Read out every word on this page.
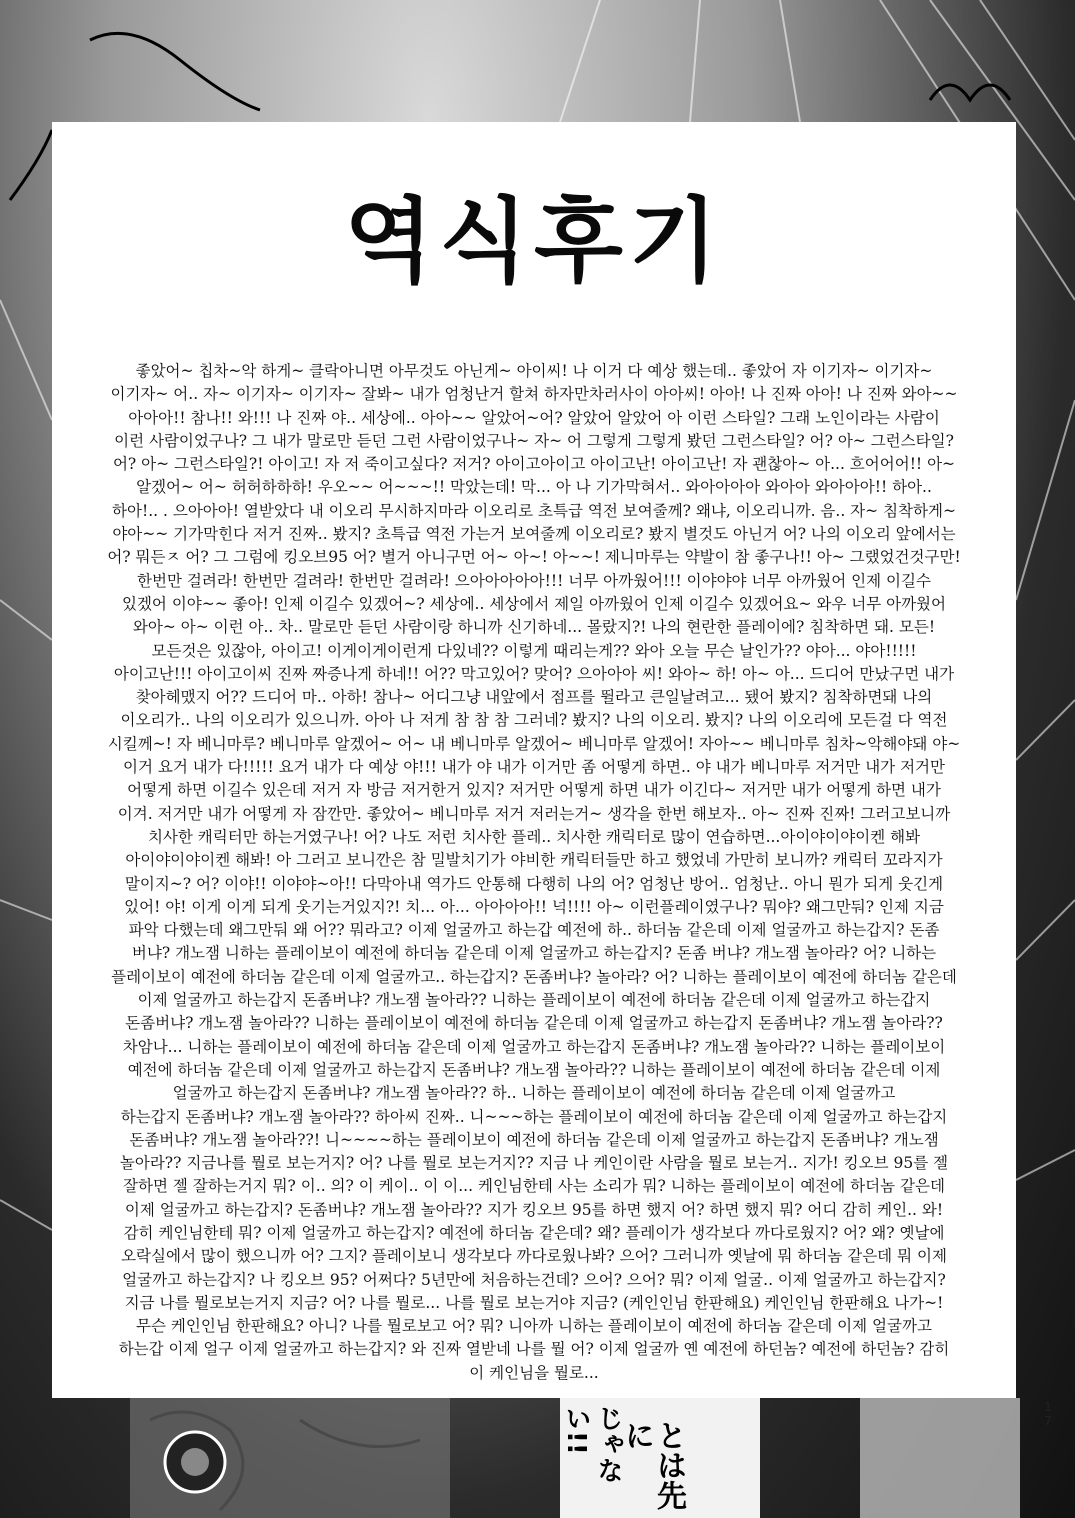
とは先に
じゃない!!
역식후기
좋았어~ 칩차~악 하게~ 클락아니면 아무것도 아닌게~ 아이씨! 나 이거 다 예상 했는데.. 좋았어 자 이기자~ 이기자~
이기자~ 어.. 자~ 이기자~ 이기자~ 잘봐~ 내가 엄청난거 할쳐 하자만차러사이 아아씨! 아아! 나 진짜 아아! 나 진짜 와아~~
아아아!! 참나!! 와!!! 나 진짜 야.. 세상에.. 아아~~ 알았어~어? 알았어 알았어 아 이런 스타일? 그래 노인이라는 사람이
이런 사람이었구나? 그 내가 말로만 듣던 그런 사람이었구나~ 자~ 어 그렇게 그렇게 봤던 그런스타일? 어? 아~ 그런스타일?
어? 아~ 그런스타일?! 아이고! 자 저 죽이고싶다? 저거? 아이고아이고 아이고난! 아이고난! 자 괜찮아~ 아... 흐어어어!! 아~
알겠어~ 어~ 허허하하하! 우오~~ 어~~~!! 막았는데! 막... 아 나 기가막혀서.. 와아아아아 와아아 와아아아!! 하아..
하아!.. . 으아아아! 열받았다 내 이오리 무시하지마라 이오리로 초특급 역전 보여줄께? 왜냐, 이오리니까. 음.. 자~ 침착하게~
야아~~ 기가막힌다 저거 진짜.. 봤지? 초특급 역전 가는거 보여줄께 이오리로? 봤지 별것도 아닌거 어? 나의 이오리 앞에서는
어? 뭐든ㅈ 어? 그 그럼에 킹오브95 어? 별거 아니구먼 어~ 아~! 아~~! 제니마루는 약발이 참 좋구나!! 아~ 그랬었건것구만!
한번만 걸려라! 한번만 걸려라! 한번만 걸려라! 으아아아아아!!! 너무 아까웠어!!! 이야야야 너무 아까웠어 인제 이길수
있겠어 이야~~ 좋아! 인제 이길수 있겠어~? 세상에.. 세상에서 제일 아까웠어 인제 이길수 있겠어요~ 와우 너무 아까웠어
와아~ 아~ 이런 아.. 차.. 말로만 듣던 사람이랑 하니까 신기하네... 몰랐지?! 나의 현란한 플레이에? 침착하면 돼. 모든!
모든것은 있잖아, 아이고! 이게이게이런게 다있네?? 이렇게 때리는게?? 와아 오늘 무슨 날인가?? 야아... 야아!!!!!
아이고난!!! 아이고이씨 진짜 짜증나게 하네!! 어?? 막고있어? 맞어? 으아아아 씨! 와아~ 하! 아~ 아... 드디어 만났구먼 내가
찾아헤맸지 어?? 드디어 마.. 아하! 참나~ 어디그냥 내앞에서 점프를 뛸라고 큰일날려고... 됐어 봤지? 침착하면돼 나의
이오리가.. 나의 이오리가 있으니까. 아아 나 저게 참 참 참 그러네? 봤지? 나의 이오리. 봤지? 나의 이오리에 모든걸 다 역전
시킬께~! 자 베니마루? 베니마루 알겠어~ 어~ 내 베니마루 알겠어~ 베니마루 알겠어! 자아~~ 베니마루 침차~악해야돼 야~
이거 요거 내가 다!!!!! 요거 내가 다 예상 야!!! 내가 야 내가 이거만 좀 어떻게 하면.. 야 내가 베니마루 저거만 내가 저거만
어떻게 하면 이길수 있은데 저거 자 방금 저거한거 있지? 저거만 어떻게 하면 내가 이긴다~ 저거만 내가 어떻게 하면 내가
이겨. 저거만 내가 어떻게 자 잠깐만. 좋았어~ 베니마루 저거 저러는거~ 생각을 한번 해보자.. 아~ 진짜 진짜! 그러고보니까
치사한 캐릭터만 하는거였구나! 어? 나도 저런 치사한 플레.. 치사한 캐릭터로 많이 연습하면...아이야이야이켄 해봐
아이야이야이켄 해봐! 아 그러고 보니깐은 참 밀발치기가 야비한 캐릭터들만 하고 했었네 가만히 보니까? 캐릭터 꼬라지가
말이지~? 어? 이야!! 이야야~아!! 다막아내 역가드 안통해 다행히 나의 어? 엄청난 방어.. 엄청난.. 아니 뭔가 되게 웃긴게
있어! 야! 이게 이게 되게 웃기는거있지?! 치... 아... 아아아아!! 넉!!!! 아~ 이런플레이였구나? 뭐야? 왜그만둬? 인제 지금
파악 다했는데 왜그만둬 왜 어?? 뭐라고? 이제 얼굴까고 하는갑 예전에 하.. 하더놈 같은데 이제 얼굴까고 하는갑지? 돈좀
버냐? 개노잼 니하는 플레이보이 예전에 하더놈 같은데 이제 얼굴까고 하는갑지? 돈좀 버냐? 개노잼 놀아라? 어? 니하는
플레이보이 예전에 하더놈 같은데 이제 얼굴까고.. 하는갑지? 돈좀버냐? 놀아라? 어? 니하는 플레이보이 예전에 하더놈 같은데
이제 얼굴까고 하는갑지 돈좀버냐? 개노잼 놀아라?? 니하는 플레이보이 예전에 하더놈 같은데 이제 얼굴까고 하는갑지
돈좀버냐? 개노잼 놀아라?? 니하는 플레이보이 예전에 하더놈 같은데 이제 얼굴까고 하는갑지 돈좀버냐? 개노잼 놀아라??
차암나... 니하는 플레이보이 예전에 하더놈 같은데 이제 얼굴까고 하는갑지 돈좀버냐? 개노잼 놀아라?? 니하는 플레이보이
예전에 하더놈 같은데 이제 얼굴까고 하는갑지 돈좀버냐? 개노잼 놀아라?? 니하는 플레이보이 예전에 하더놈 같은데 이제
얼굴까고 하는갑지 돈좀버냐? 개노잼 놀아라?? 하.. 니하는 플레이보이 예전에 하더놈 같은데 이제 얼굴까고
하는갑지 돈좀버냐? 개노잼 놀아라?? 하아씨 진짜.. 니~~~하는 플레이보이 예전에 하더놈 같은데 이제 얼굴까고 하는갑지
돈좀버냐? 개노잼 놀아라??! 니~~~~하는 플레이보이 예전에 하더놈 같은데 이제 얼굴까고 하는갑지 돈좀버냐? 개노잼
놀아라?? 지금나를 뭘로 보는거지? 어? 나를 뭘로 보는거지?? 지금 나 케인이란 사람을 뭘로 보는거.. 지가! 킹오브 95를 젤
잘하면 젤 잘하는거지 뭐? 이.. 의? 이 케이.. 이 이... 케인님한테 사는 소리가 뭐? 니하는 플레이보이 예전에 하더놈 같은데
이제 얼굴까고 하는갑지? 돈좀버냐? 개노잼 놀아라?? 지가 킹오브 95를 하면 했지 어? 하면 했지 뭐? 어디 감히 케인.. 와!
감히 케인님한테 뭐? 이제 얼굴까고 하는갑지? 예전에 하더놈 같은데? 왜? 플레이가 생각보다 까다로웠지? 어? 왜? 옛날에
오락실에서 많이 했으니까 어? 그지? 플레이보니 생각보다 까다로웠나봐? 으어? 그러니까 옛날에 뭐 하더놈 같은데 뭐 이제
얼굴까고 하는갑지? 나 킹오브 95? 어쩌다? 5년만에 처음하는건데? 으어? 으어? 뭐? 이제 얼굴.. 이제 얼굴까고 하는갑지?
지금 나를 뭘로보는거지 지금? 어? 나를 뭘로... 나를 뭘로 보는거야 지금? (케인인님 한판해요) 케인인님 한판해요 나가~!
무슨 케인인님 한판해요? 아니? 나를 뭘로보고 어? 뭐? 니아까 니하는 플레이보이 예전에 하더놈 같은데 이제 얼굴까고
하는갑 이제 얼구 이제 얼굴까고 하는갑지? 와 진짜 열받네 나를 뭘 어? 이제 얼굴까 옌 예전에 하던놈? 예전에 하던놈? 감히
이 케인님을 뭘로...
1
7
